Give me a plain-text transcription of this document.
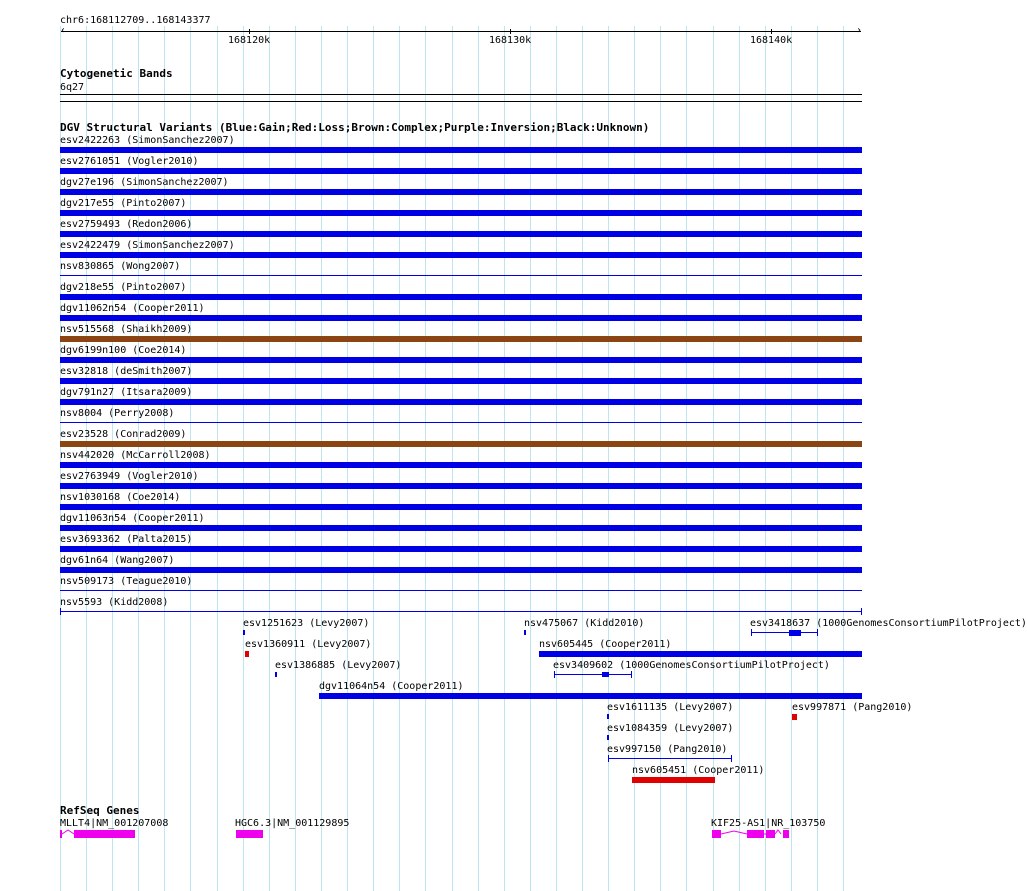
chr6:168112709..168143377
‹	›
168120k	168130k	168140k
Cytogenetic Bands
6q27
DGV Structural Variants (Blue:Gain;Red:Loss;Brown:Complex;Purple:Inversion;Black:Unknown)
esv2422263 (SimonSanchez2007)
esv2761051 (Vogler2010)
dgv27e196 (SimonSanchez2007)
dgv217e55 (Pinto2007)
esv2759493 (Redon2006)
esv2422479 (SimonSanchez2007)
nsv830865 (Wong2007)
dgv218e55 (Pinto2007)
dgv11062n54 (Cooper2011)
nsv515568 (Shaikh2009)
dgv6199n100 (Coe2014)
esv32818 (deSmith2007)
dgv791n27 (Itsara2009)
nsv8004 (Perry2008)
esv23528 (Conrad2009)
nsv442020 (McCarroll2008)
esv2763949 (Vogler2010)
nsv1030168 (Coe2014)
dgv11063n54 (Cooper2011)
esv3693362 (Palta2015)
dgv61n64 (Wang2007)
nsv509173 (Teague2010)
nsv5593 (Kidd2008)
esv1251623 (Levy2007)
esv1360911 (Levy2007)
esv1386885 (Levy2007)
dgv11064n54 (Cooper2011)
nsv475067 (Kidd2010)
nsv605445 (Cooper2011)
esv3409602 (1000GenomesConsortiumPilotProject)
esv3418637 (1000GenomesConsortiumPilotProject)
esv1611135 (Levy2007)	esv997871 (Pang2010)
esv1084359 (Levy2007)
esv997150 (Pang2010)
nsv605451 (Cooper2011)
RefSeq Genes
MLLT4|NM_001207008	HGC6.3|NM_001129895	KIF25-AS1|NR_103750
